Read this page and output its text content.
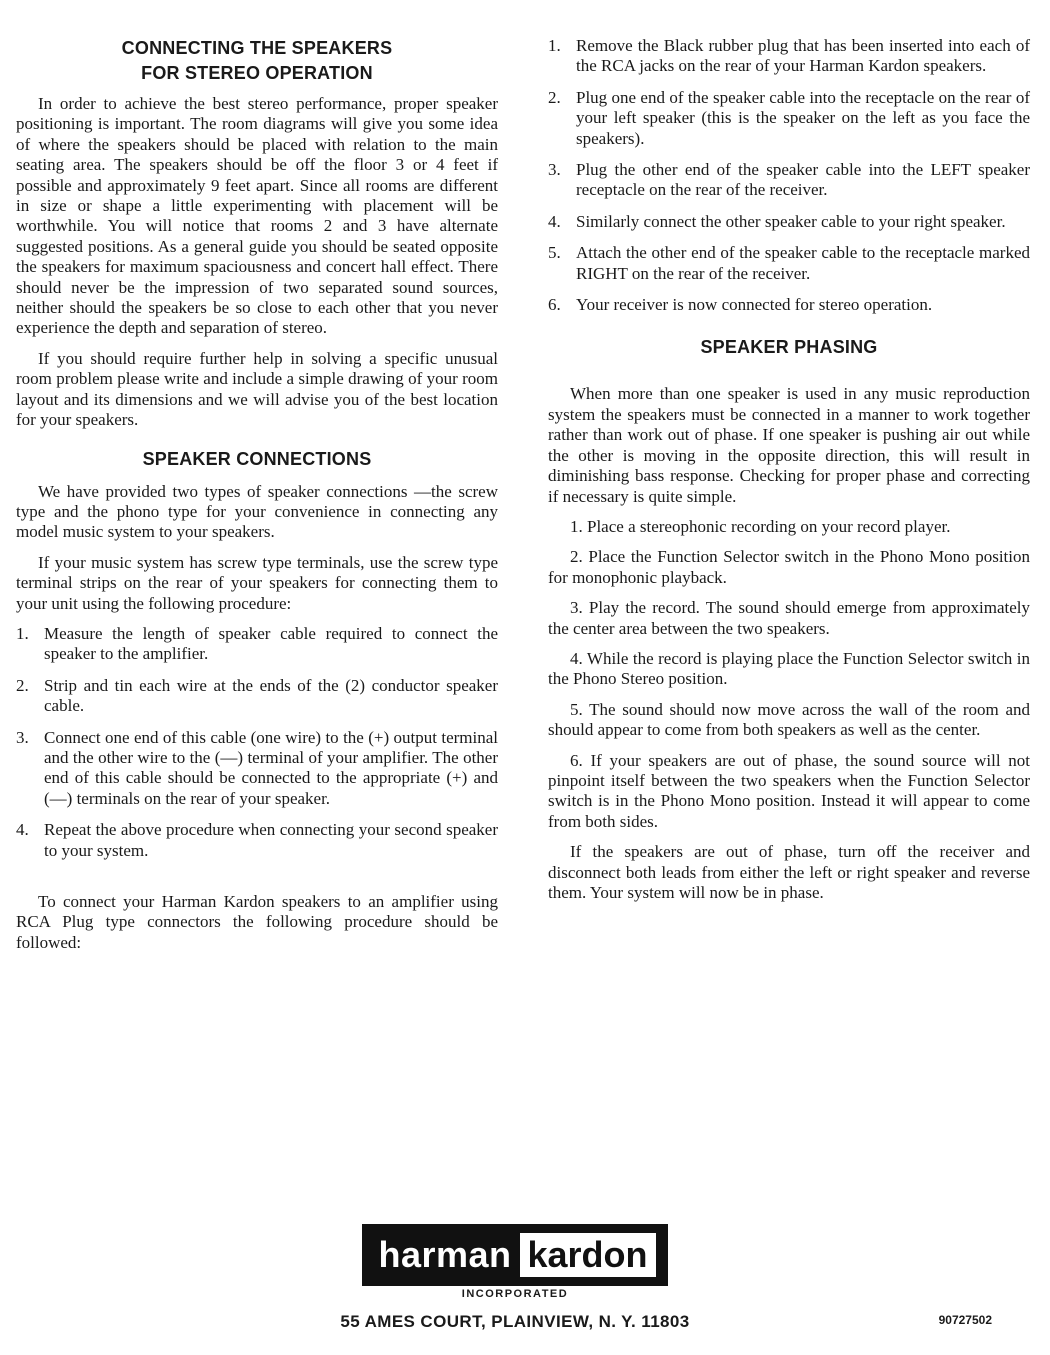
CONNECTING THE SPEAKERS
FOR STEREO OPERATION

In order to achieve the best stereo performance, proper speaker positioning is important. The room diagrams will give you some idea of where the speakers should be placed with relation to the main seating area. The speakers should be off the floor 3 or 4 feet if possible and approximately 9 feet apart. Since all rooms are different in size or shape a little experimenting with placement will be worthwhile. You will notice that rooms 2 and 3 have alternate suggested positions. As a general guide you should be seated opposite the speakers for maximum spaciousness and concert hall effect. There should never be the impression of two separated sound sources, neither should the speakers be so close to each other that you never experience the depth and separation of stereo.

If you should require further help in solving a specific unusual room problem please write and include a simple drawing of your room layout and its dimensions and we will advise you of the best location for your speakers.

SPEAKER CONNECTIONS

We have provided two types of speaker connections —the screw type and the phono type for your convenience in connecting any model music system to your speakers.

If your music system has screw type terminals, use the screw type terminal strips on the rear of your speakers for connecting them to your unit using the following procedure:

1. Measure the length of speaker cable required to connect the speaker to the amplifier.
2. Strip and tin each wire at the ends of the (2) conductor speaker cable.
3. Connect one end of this cable (one wire) to the (+) output terminal and the other wire to the (—) terminal of your amplifier. The other end of this cable should be connected to the appropriate (+) and (—) terminals on the rear of your speaker.
4. Repeat the above procedure when connecting your second speaker to your system.

To connect your Harman Kardon speakers to an amplifier using RCA Plug type connectors the following procedure should be followed:

1. Remove the Black rubber plug that has been inserted into each of the RCA jacks on the rear of your Harman Kardon speakers.
2. Plug one end of the speaker cable into the receptacle on the rear of your left speaker (this is the speaker on the left as you face the speakers).
3. Plug the other end of the speaker cable into the LEFT speaker receptacle on the rear of the receiver.
4. Similarly connect the other speaker cable to your right speaker.
5. Attach the other end of the speaker cable to the receptacle marked RIGHT on the rear of the receiver.
6. Your receiver is now connected for stereo operation.
SPEAKER PHASING

When more than one speaker is used in any music reproduction system the speakers must be connected in a manner to work together rather than work out of phase. If one speaker is pushing air out while the other is moving in the opposite direction, this will result in diminishing bass response. Checking for proper phase and correcting if necessary is quite simple.

1. Place a stereophonic recording on your record player.

2. Place the Function Selector switch in the Phono Mono position for monophonic playback.

3. Play the record. The sound should emerge from approximately the center area between the two speakers.

4. While the record is playing place the Function Selector switch in the Phono Stereo position.

5. The sound should now move across the wall of the room and should appear to come from both speakers as well as the center.

6. If your speakers are out of phase, the sound source will not pinpoint itself between the two speakers when the Function Selector switch is in the Phono Mono position. Instead it will appear to come from both sides.

If the speakers are out of phase, turn off the receiver and disconnect both leads from either the left or right speaker and reverse them. Your system will now be in phase.

harman kardon
INCORPORATED
55 AMES COURT, PLAINVIEW, N. Y. 11803	90727502
